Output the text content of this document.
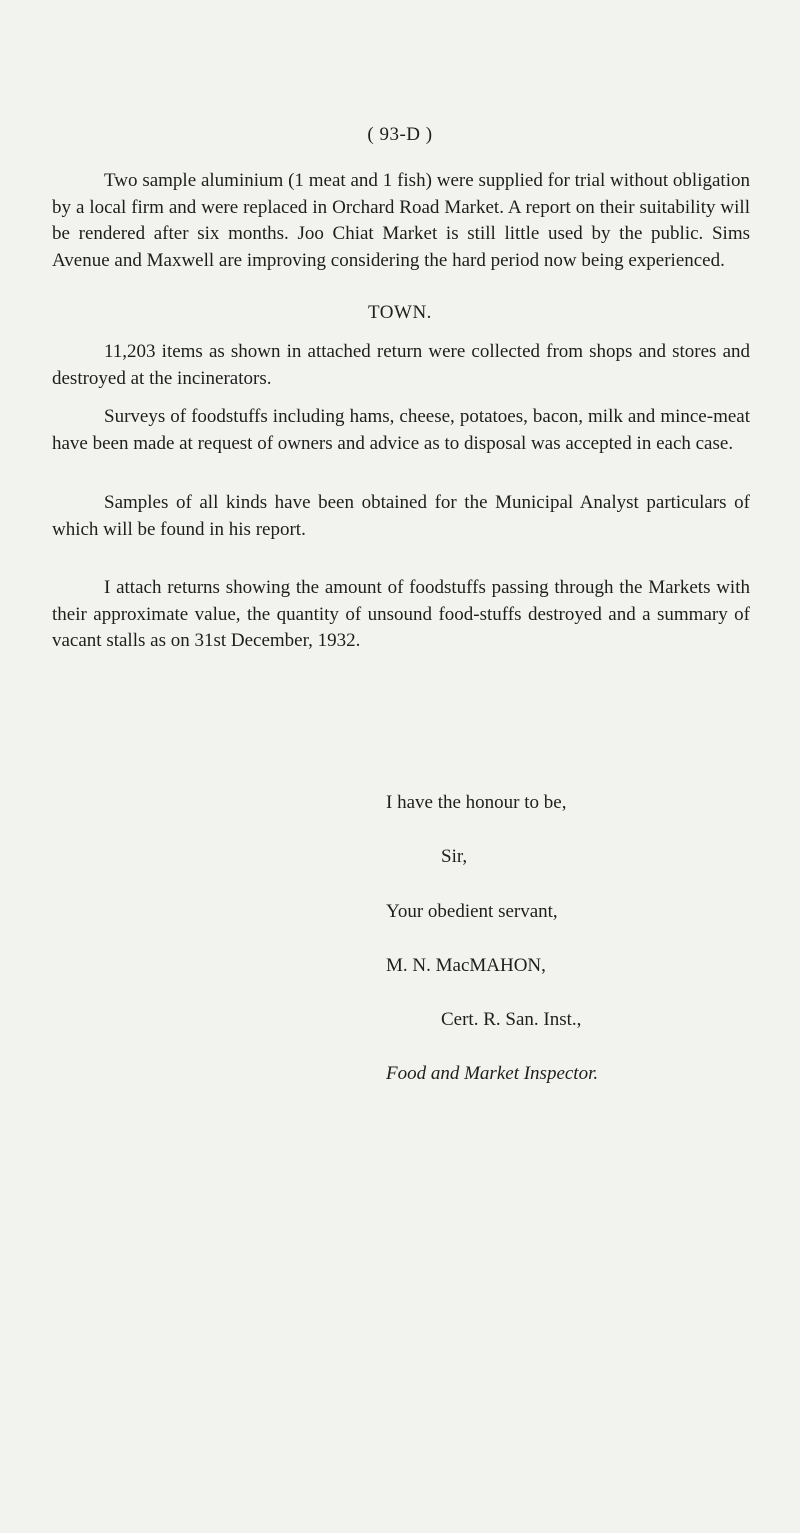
( 93-D )
Two sample aluminium (1 meat and 1 fish) were supplied for trial without obligation by a local firm and were replaced in Orchard Road Market. A report on their suitability will be rendered after six months. Joo Chiat Market is still little used by the public. Sims Avenue and Maxwell are improving considering the hard period now being experienced.
TOWN.
11,203 items as shown in attached return were collected from shops and stores and destroyed at the incinerators.
Surveys of foodstuffs including hams, cheese, potatoes, bacon, milk and mince-meat have been made at request of owners and advice as to disposal was accepted in each case.
Samples of all kinds have been obtained for the Municipal Analyst particulars of which will be found in his report.
I attach returns showing the amount of foodstuffs passing through the Markets with their approximate value, the quantity of unsound food-stuffs destroyed and a summary of vacant stalls as on 31st December, 1932.
I have the honour to be,
Sir,
Your obedient servant,
M. N. MacMAHON,
Cert. R. San. Inst.,
Food and Market Inspector.
